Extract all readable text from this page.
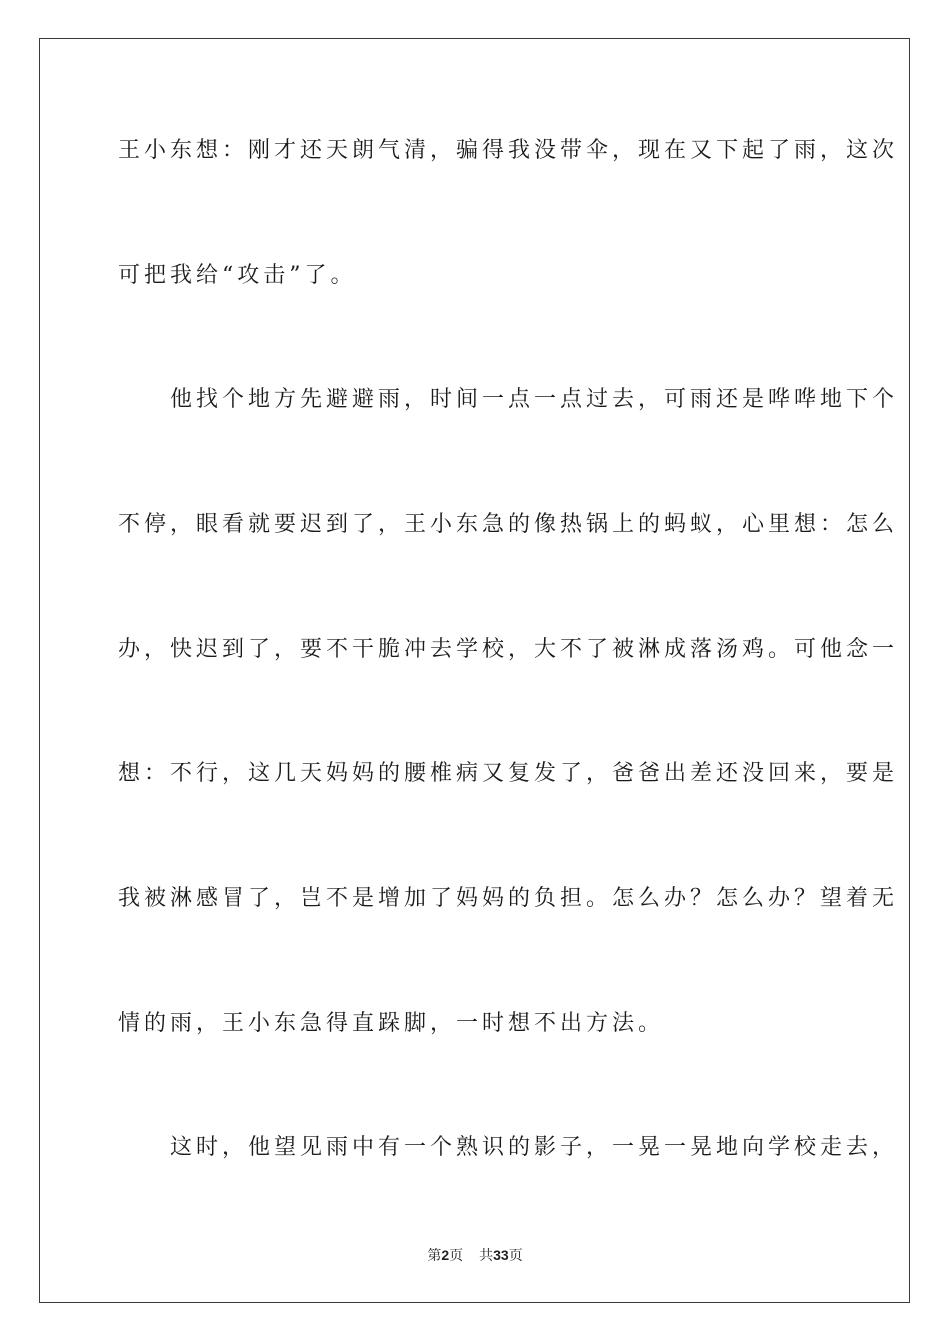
王小东想：刚才还天朗气清，骗得我没带伞，现在又下起了雨，这次
可把我给“攻击”了。
　　他找个地方先避避雨，时间一点一点过去，可雨还是哗哗地下个
不停，眼看就要迟到了，王小东急的像热锅上的蚂蚁，心里想：怎么
办，快迟到了，要不干脆冲去学校，大不了被淋成落汤鸡。可他念一
想：不行，这几天妈妈的腰椎病又复发了，爸爸出差还没回来，要是
我被淋感冒了，岂不是增加了妈妈的负担。怎么办？怎么办？望着无
情的雨，王小东急得直跺脚，一时想不出方法。
　　这时，他望见雨中有一个熟识的影子，一晃一晃地向学校走去，
第2页 共33页
